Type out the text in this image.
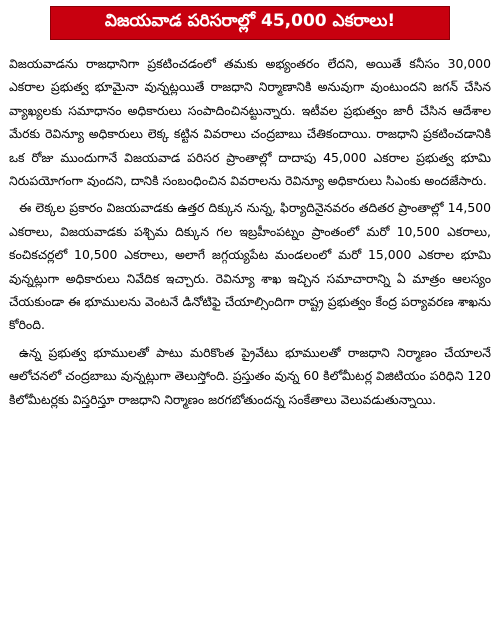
విజయవాడ పరిసరాల్లో 45,000 ఎకరాలు!

విజయవాడను రాజధానిగా ప్రకటించడంలో తమకు అభ్యంతరం లేదని, అయితే కనీసం 30,000 ఎకరాల ప్రభుత్వ భూమైనా వున్నట్లయితే రాజధాని నిర్మాణానికి అనువుగా వుంటుందని జగన్ చేసిన వ్యాఖ్యలకు సమాధానం అధికారులు సంపాదించినట్టున్నారు. ఇటీవల ప్రభుత్వం జారీ చేసిన ఆదేశాల మేరకు రెవిన్యూ అధికారులు లెక్క కట్టిన వివరాలు చంద్రబాబు చేతికందాయి. రాజధాని ప్రకటించడానికి ఒక రోజు ముందుగానే విజయవాడ పరిసర ప్రాంతాల్లో దాదాపు 45,000 ఎకరాల ప్రభుత్వ భూమి నిరుపయోగంగా వుందని, దానికి సంబంధించిన వివరాలను రెవిన్యూ అధికారులు సిఎంకు అందజేసారు.

ఈ లెక్కల ప్రకారం విజయవాడకు ఉత్తర దిక్కున నున్న, ఫిర్యాదినైనవరం తదితర ప్రాంతాల్లో 14,500 ఎకరాలు, విజయవాడకు పశ్చిమ దిక్కున గల ఇబ్రహీంపట్నం ప్రాంతంలో మరో 10,500 ఎకరాలు, కంచికచర్లలో 10,500 ఎకరాలు, అలాగే జగ్గయ్యపేట మండలంలో మరో 15,000 ఎకరాల భూమి వున్నట్లుగా అధికారులు నివేదిక ఇచ్చారు. రెవిన్యూ శాఖ ఇచ్చిన సమాచారాన్ని ఏ మాత్రం ఆలస్యం చేయకుండా ఈ భూములను వెంటనే డినోటిఫై చేయాల్సిందిగా రాష్ట్ర ప్రభుత్వం కేంద్ర పర్యావరణ శాఖను కోరింది.

ఉన్న ప్రభుత్వ భూములతో పాటు మరికొంత ప్రైవేటు భూములతో రాజధాని నిర్మాణం చేయాలనే ఆలోచనలో చంద్రబాబు వున్నట్లుగా తెలుస్తోంది. ప్రస్తుతం వున్న 60 కిలోమీటర్ల విజిటియం పరిధిని 120 కిలోమీటర్లకు విస్తరిస్తూ రాజధాని నిర్మాణం జరగబోతుందన్న సంకేతాలు వెలువడుతున్నాయి.
